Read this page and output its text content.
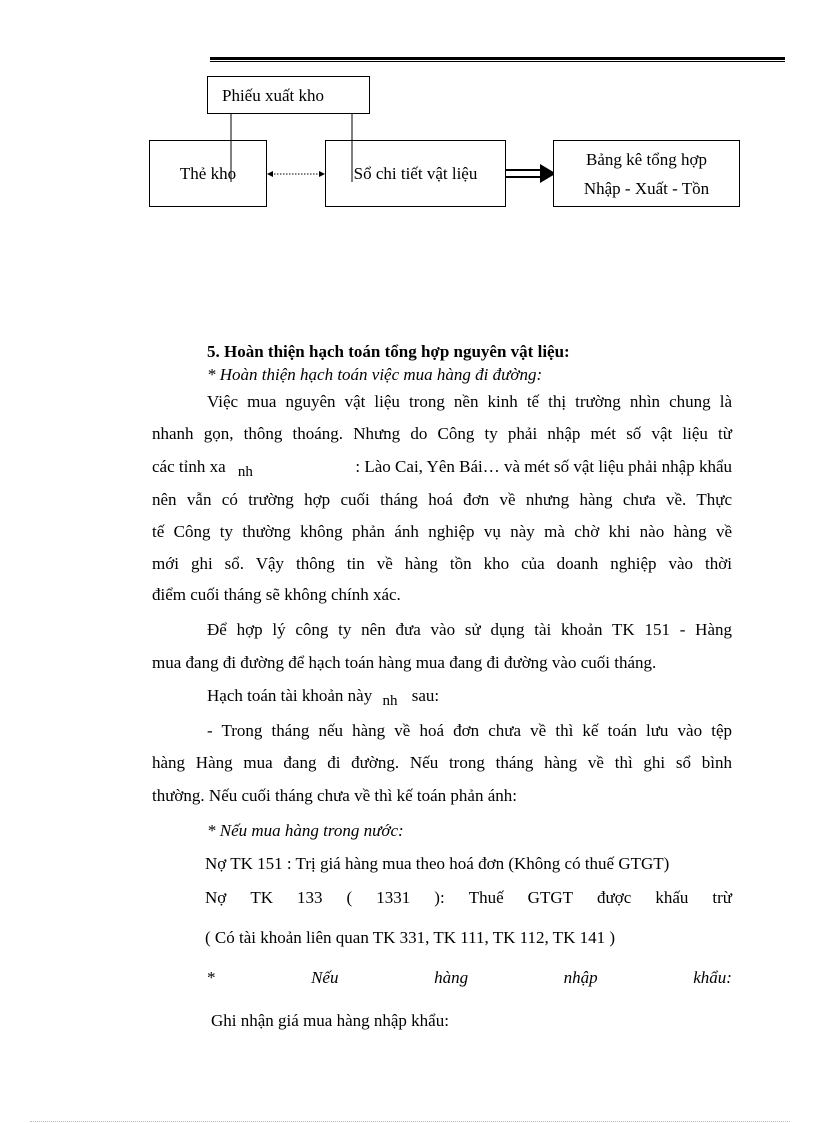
Phiếu xuất kho
Thẻ kho	Sổ chi tiết vật liệu
Bảng kê tổng hợp
Nhập - Xuất - Tồn
5. Hoàn thiện hạch toán tổng hợp nguyên vật liệu:
* Hoàn thiện hạch toán việc mua hàng đi đường:
Việc mua nguyên vật liệu trong nền kinh tế thị trường nhìn chung là
nhanh gọn, thông thoáng. Nhưng do Công ty phải nhập mét số vật liệu từ
các tỉnh xa nh	: Lào Cai, Yên Bái… và mét số vật liệu phải nhập khẩu
nên vẫn có trường hợp cuối tháng hoá đơn về nhưng hàng chưa về. Thực
tế Công ty thường không phản ánh nghiệp vụ này mà chờ khi nào hàng về
mới ghi sổ. Vậy thông tin về hàng tồn kho của doanh nghiệp vào thời
điểm cuối tháng sẽ không chính xác.
Để hợp lý công ty nên đưa vào sử dụng tài khoản TK 151 - Hàng
mua đang đi đường để hạch toán hàng mua đang đi đường vào cuối tháng.
Hạch toán tài khoản này nh sau:
- Trong tháng nếu hàng về hoá đơn chưa về thì kế toán lưu vào tệp
hàng Hàng mua đang đi đường. Nếu trong tháng hàng về thì ghi sổ bình
thường. Nếu cuối tháng chưa về thì kế toán phản ánh:
* Nếu mua hàng trong nước:
Nợ TK 151 : Trị giá hàng mua theo hoá đơn (Không có thuế GTGT)
Nợ TK 133 ( 1331 ): Thuế GTGT được khấu trừ
( Có tài khoản liên quan TK 331, TK 111, TK 112, TK 141 )
*	Nếu	hàng	nhập	khẩu:
Ghi nhận giá mua hàng nhập khẩu:
